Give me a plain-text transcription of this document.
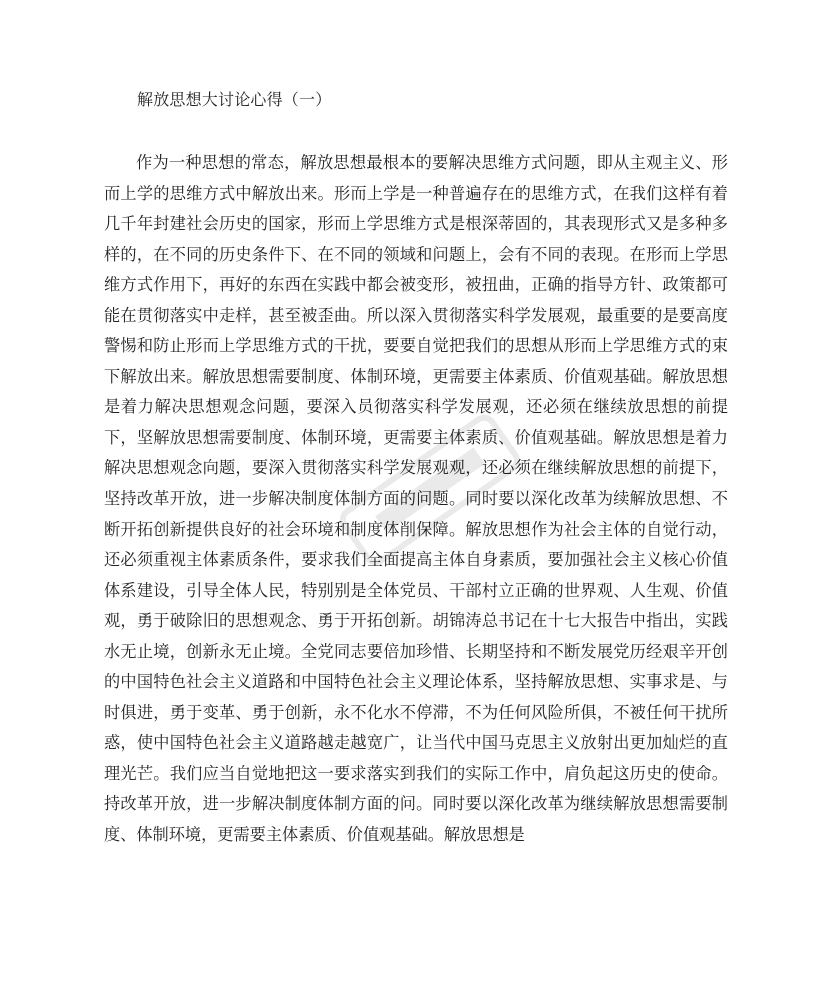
解放思想大讨论心得（一）

作为一种思想的常态，解放思想最根本的要解决思维方式问题，即从主观主义、形而上学的思维方式中解放出来。形而上学是一种普遍存在的思维方式，在我们这样有着几千年封建社会历史的国家，形而上学思维方式是根深蒂固的，其表现形式又是多种多样的，在不同的历史条件下、在不同的领域和问题上，会有不同的表现。在形而上学思维方式作用下，再好的东西在实践中都会被变形，被扭曲，正确的指导方针、政策都可能在贯彻落实中走样，甚至被歪曲。所以深入贯彻落实科学发展观，最重要的是要高度警惕和防止形而上学思维方式的干扰，要要自觉把我们的思想从形而上学思维方式的束下解放出来。解放思想需要制度、体制环境，更需要主体素质、价值观基础。解放思想是着力解决思想观念问题，要深入员彻落实科学发展观，还必须在继续放思想的前提下，坚解放思想需要制度、体制环境，更需要主体素质、价值观基础。解放思想是着力解决思想观念向题，要深入贯彻落实科学发展观观，还必须在继续解放思想的前提下，坚持改革开放，进一步解决制度体制方面的问题。同时要以深化改革为续解放思想、不断开拓创新提供良好的社会环境和制度体削保障。解放思想作为社会主体的自觉行动，还必须重视主体素质条件，要求我们全面提高主体自身素质，要加强社会主义核心价值体系建设，引导全体人民，特别别是全体党员、干部村立正确的世界观、人生观、价值观，勇于破除旧的思想观念、勇于开拓创新。胡锦涛总书记在十七大报告中指出，实践水无止境，创新永无止境。全党同志要倍加珍惜、长期坚持和不断发展党历经艰辛开创的中国特色社会主义道路和中国特色社会主义理论体系，坚持解放思想、实事求是、与时俱进，勇于变革、勇于创新，永不化水不停滞，不为任何风险所俱，不被任何干扰所惑，使中国特色社会主义道路越走越宽广，让当代中国马克思主义放射出更加灿烂的直理光芒。我们应当自觉地把这一要求落实到我们的实际工作中，肩负起这历史的使命。持改革开放，进一步解决制度体制方面的问。同时要以深化改革为继续解放思想需要制度、体制环境，更需要主体素质、价值观基础。解放思想是
